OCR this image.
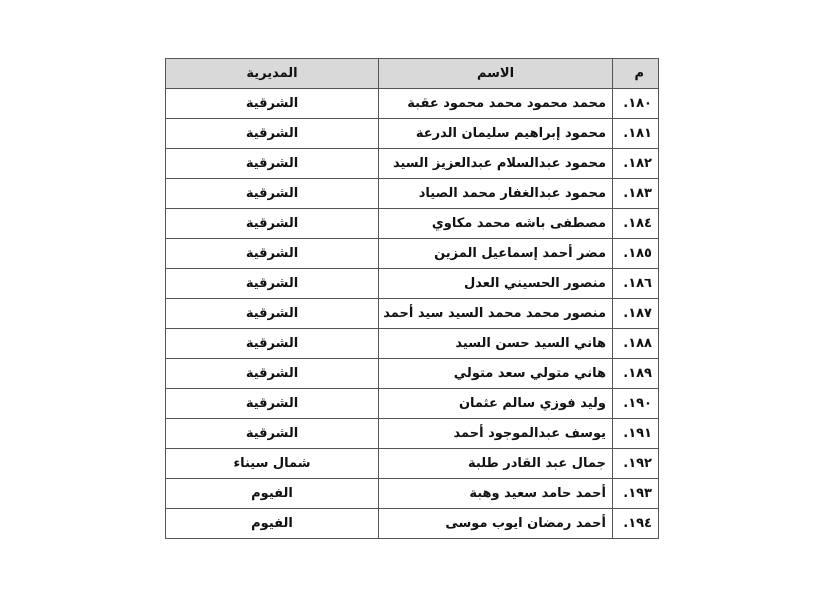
م	الاسم	المديرية
١٨٠.	محمد محمود محمد محمود عقبة	الشرقية
١٨١.	محمود إبراهيم سليمان الدرعة	الشرقية
١٨٢.	محمود عبدالسلام عبدالعزيز السيد	الشرقية
١٨٣.	محمود عبدالغفار محمد الصياد	الشرقية
١٨٤.	مصطفى باشه محمد مكاوي	الشرقية
١٨٥.	مضر أحمد إسماعيل المزين	الشرقية
١٨٦.	منصور الحسيني العدل	الشرقية
١٨٧.	منصور محمد محمد السيد سيد أحمد	الشرقية
١٨٨.	هاني السيد حسن السيد	الشرقية
١٨٩.	هاني متولي سعد متولي	الشرقية
١٩٠.	وليد فوزي سالم عثمان	الشرقية
١٩١.	يوسف عبدالموجود أحمد	الشرقية
١٩٢.	جمال عبد القادر طلبة	شمال سيناء
١٩٣.	أحمد حامد سعيد وهبة	الفيوم
١٩٤.	أحمد رمضان ايوب موسى	الفيوم
